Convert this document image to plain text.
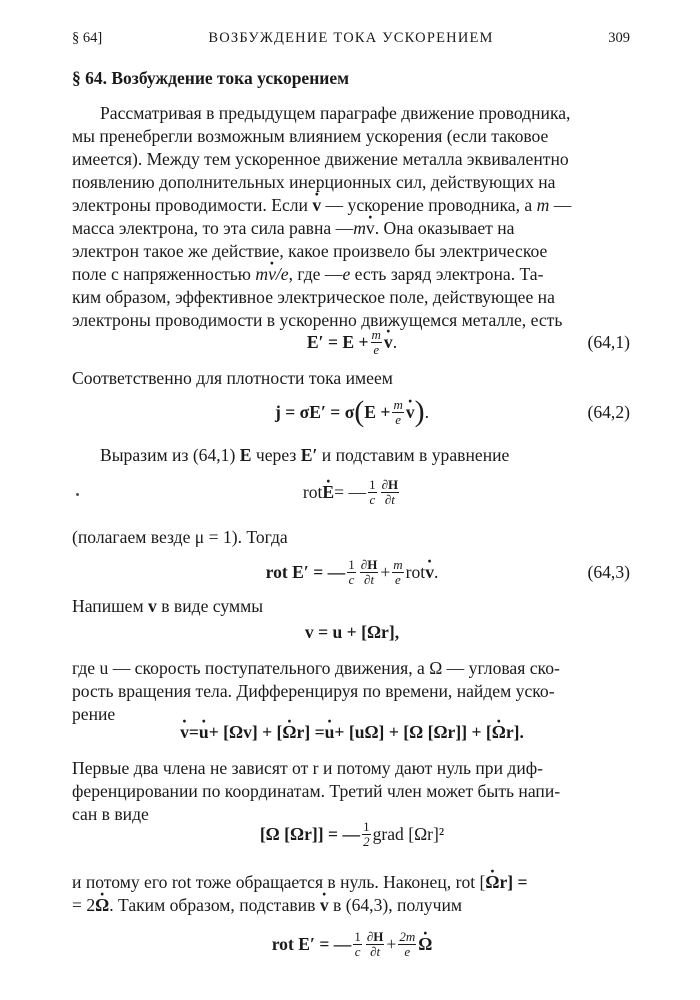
§ 64]	ВОЗБУЖДЕНИЕ ТОКА УСКОРЕНИЕМ	309
§ 64. Возбуждение тока ускорением
Рассматривая в предыдущем параграфе движение проводника,
мы пренебрегли возможным влиянием ускорения (если таковое
имеется). Между тем ускоренное движение металла эквивалентно
появлению дополнительных инерционных сил, действующих на
электроны проводимости. Если · v — ускорение проводника, а m —
масса электрона, то эта сила равна —m· v. Она оказывает на
электрон такое же действие, какое произвело бы электрическое
поле с напряженностью m· v/e, где —e есть заряд электрона. Та-
ким образом, эффективное электрическое поле, действующее на
электроны проводимости в ускоренно движущемся металле, есть
$E' = E + \frac{m}{e}$
· v .	(64,1)
Соответственно для плотности тока имеем
j = σE′ = σ ( $E + \frac{m}{e}$
· v ) .	(64,2)
Выразим из (64,1) E через E′ и подставим в уравнение
rot
· E = — $\frac{1}{c} \frac{\partial H}{\partial t}$
(полагаем везде μ = 1). Тогда
rot E′ = — $\frac{1}{c} \frac{\partial H}{\partial t} + \frac{m}{e}$ rot
· v .	(64,3)
Напишем v в виде суммы
v = u + [Ωr],
где u — скорость поступательного движения, а Ω — угловая ско-
рость вращения тела. Дифференцируя по времени, найдем уско-
рение
· v =
· u + [Ωv] + [
· Ω r] =
· u + [uΩ] + [Ω [Ωr]] + [
· Ω r].
Первые два члена не зависят от r и потому дают нуль при диф-
ференцировании по координатам. Третий член может быть напи-
сан в виде
[Ω [Ωr]] = — $\frac{1}{2}$ grad [Ωr]²
и потому его rot тоже обращается в нуль. Наконец, rot [· Ωr] =
= 2· Ω. Таким образом, подставив · v в (64,3), получим
rot E′ = — $\frac{1}{c} \frac{\partial H}{\partial t} + \frac{2m}{e}$
· Ω
